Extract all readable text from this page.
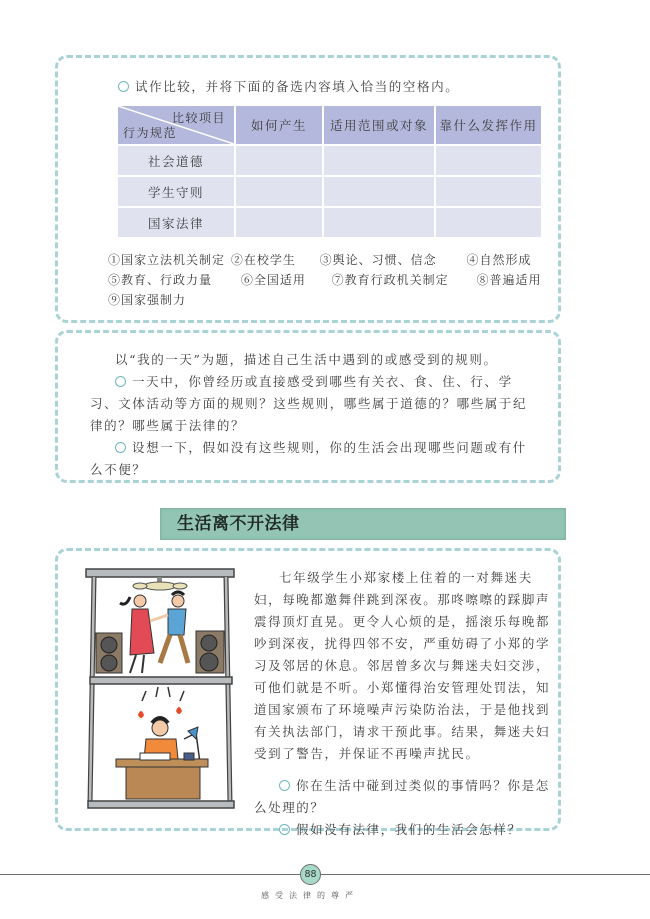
试作比较，并将下面的备选内容填入恰当的空格内。
比较项目
行为规范	如何产生	适用范围或对象	靠什么发挥作用
社会道德			
学生守则			
国家法律			
①国家立法机关制定 ②在校学生 ③舆论、习惯、信念 ④自然形成
⑤教育、行政力量 ⑥全国适用 ⑦教育行政机关制定 ⑧普遍适用
⑨国家强制力

以“我的一天”为题，描述自己生活中遇到的或感受到的规则。

一天中，你曾经历或直接感受到哪些有关衣、食、住、行、学习、文体活动等方面的规则？这些规则，哪些属于道德的？哪些属于纪律的？哪些属于法律的？

设想一下，假如没有这些规则，你的生活会出现哪些问题或有什么不便？

生活离不开法律

七年级学生小郑家楼上住着的一对舞迷夫妇，每晚都邀舞伴跳到深夜。那咚嚓嚓的踩脚声震得顶灯直晃。更令人心烦的是，摇滚乐每晚都吵到深夜，扰得四邻不安，严重妨碍了小郑的学习及邻居的休息。邻居曾多次与舞迷夫妇交涉，可他们就是不听。小郑懂得治安管理处罚法，知道国家颁布了环境噪声污染防治法，于是他找到有关执法部门，请求干预此事。结果，舞迷夫妇受到了警告，并保证不再噪声扰民。

你在生活中碰到过类似的事情吗？你是怎么处理的？

假如没有法律，我们的生活会怎样？

88
感受法律的尊严
